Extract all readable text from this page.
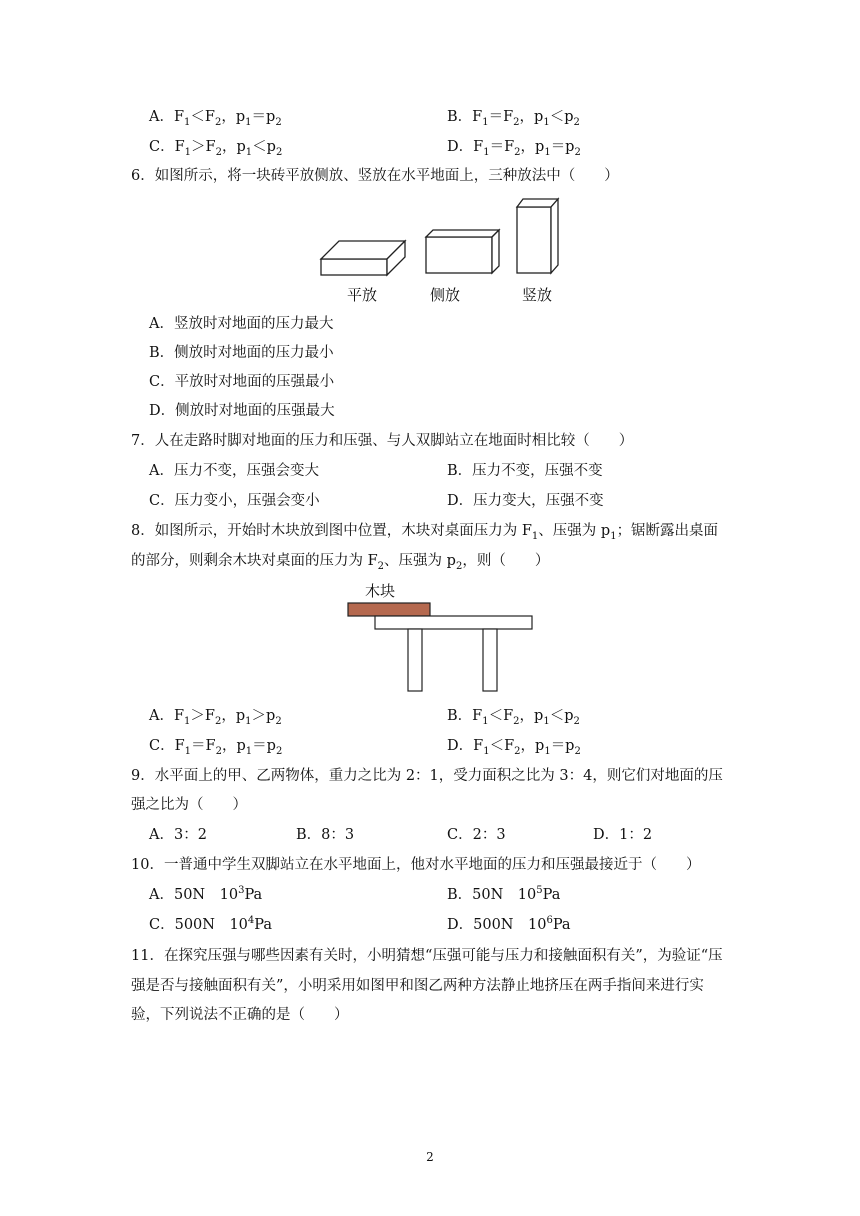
A．$F_1<F_2$，$p_1=p_2$	B．$F_1=F_2$，$p_1<p_2$
C．$F_1>F_2$，$p_1<p_2$	D．$F_1=F_2$，$p_1=p_2$
6．如图所示，将一块砖平放侧放、竖放在水平地面上，三种放法中（　　）
平放	侧放	竖放
A．竖放时对地面的压力最大
B．侧放时对地面的压力最小
C．平放时对地面的压强最小
D．侧放时对地面的压强最大
7．人在走路时脚对地面的压力和压强、与人双脚站立在地面时相比较（　　）
A．压力不变，压强会变大	B．压力不变，压强不变
C．压力变小，压强会变小	D．压力变大，压强不变
8．如图所示，开始时木块放到图中位置，木块对桌面压力为 $F_1$、压强为 $p_1$；锯断露出桌面
的部分，则剩余木块对桌面的压力为 $F_2$、压强为 $p_2$，则（　　）
木块
A．$F_1>F_2$，$p_1>p_2$	B．$F_1<F_2$，$p_1<p_2$
C．$F_1=F_2$，$p_1=p_2$	D．$F_1<F_2$，$p_1=p_2$
9．水平面上的甲、乙两物体，重力之比为 2：1，受力面积之比为 3：4，则它们对地面的压
强之比为（　　）
A．3：2	B．8：3	C．2：3	D．1：2
10．一普通中学生双脚站立在水平地面上，他对水平地面的压力和压强最接近于（　　）
A．50N　$10^3Pa$	B．50N　$10^5Pa$
C．500N　$10^4Pa$	D．500N　$10^6Pa$
11．在探究压强与哪些因素有关时，小明猜想“压强可能与压力和接触面积有关”，为验证“压
强是否与接触面积有关”，小明采用如图甲和图乙两种方法静止地挤压在两手指间来进行实
验，下列说法不正确的是（　　）
2
